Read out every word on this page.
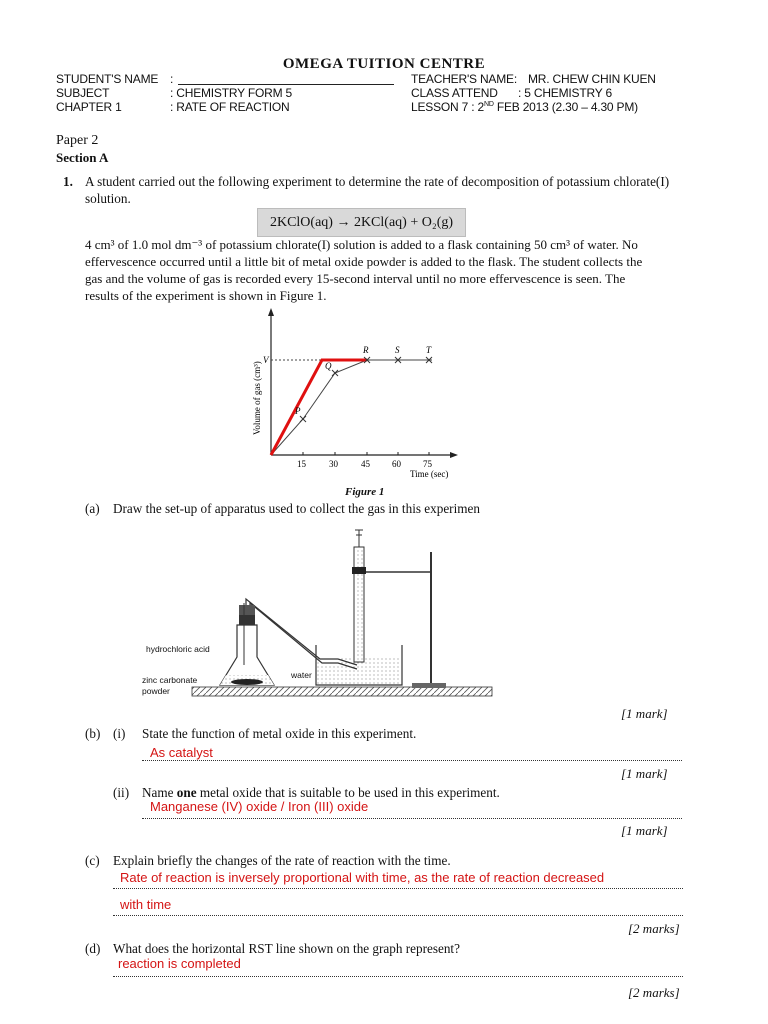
OMEGA TUITION CENTRE
STUDENT'S NAME :	TEACHER'S NAME: MR. CHEW CHIN KUEN
SUBJECT	: CHEMISTRY FORM 5	CLASS ATTEND : 5 CHEMISTRY 6
CHAPTER 1	: RATE OF REACTION	LESSON 7 : 2ND FEB 2013 (2.30 – 4.30 PM)
Paper 2
Section A
1. A student carried out the following experiment to determine the rate of decomposition of potassium chlorate(I)
solution.
2KClO(aq) → 2KCl(aq) + O₂(g)
4 cm³ of 1.0 mol dm⁻³ of potassium chlorate(I) solution is added to a flask containing 50 cm³ of water. No
effervescence occurred until a little bit of metal oxide powder is added to the flask. The student collects the
gas and the volume of gas is recorded every 15-second interval until no more effervescence is seen. The
results of the experiment is shown in Figure 1.
P
Q
R	S	T
V
15	30	45 60 75
Time (sec)
Volume of gas (cm³)
Figure 1
(a) Draw the set-up of apparatus used to collect the gas in this experimen
hydrochloric acid
zinc carbonate
powder
water
[1 mark]
(b) (i) State the function of metal oxide in this experiment.
As catalyst
[1 mark]
(ii) Name one metal oxide that is suitable to be used in this experiment.
Manganese (IV) oxide / Iron (III) oxide
[1 mark]
(c) Explain briefly the changes of the rate of reaction with the time.
Rate of reaction is inversely proportional with time, as the rate of reaction decreased
with time
[2 marks]
(d) What does the horizontal RST line shown on the graph represent?
reaction is completed
[2 marks]
